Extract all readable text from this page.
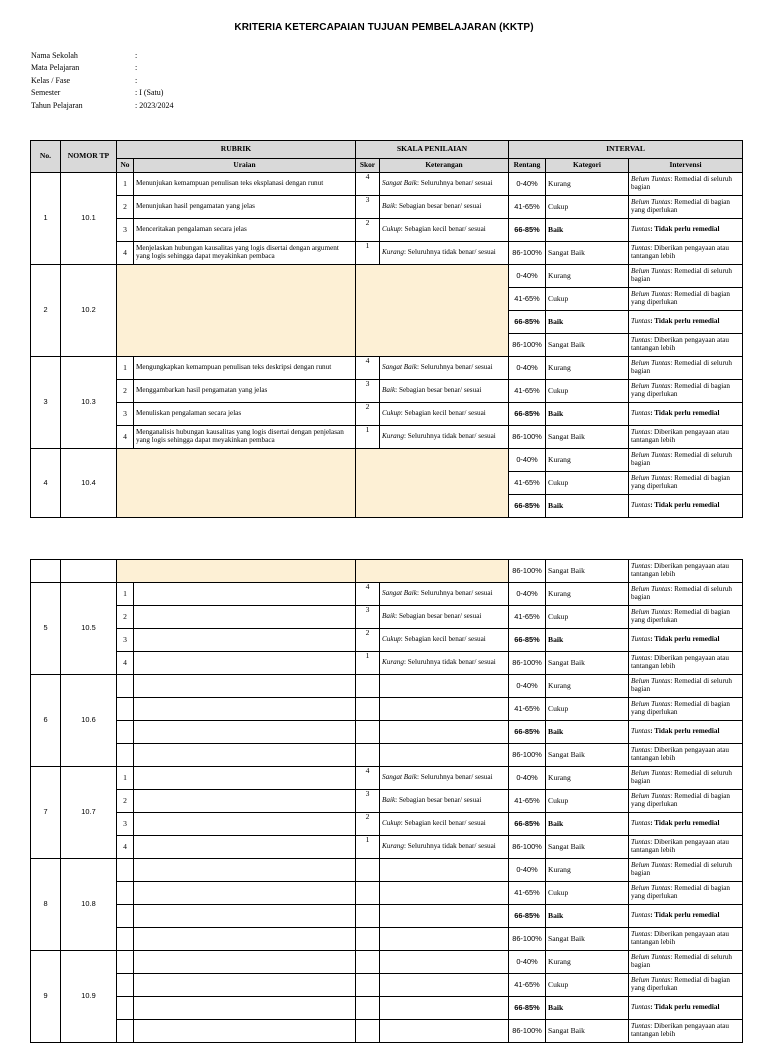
KRITERIA KETERCAPAIAN TUJUAN PEMBELAJARAN (KKTP)
Nama Sekolah	:
Mata Pelajaran	:
Kelas / Fase	:
Semester	: I (Satu)
Tahun Pelajaran	: 2023/2024
No.	NOMOR TP	RUBRIK		SKALA PENILAIAN		INTERVAL		
		No	Uraian	Skor	Keterangan	Rentang	Kategori	Intervensi
1	10.1	1	Menunjukan kemampuan penulisan teks eksplanasi dengan runut	4	Sangat Baik: Seluruhnya benar/ sesuai	0-40%	Kurang	Belum Tuntas: Remedial di seluruh bagian
		2	Menunjukan hasil pengamatan yang jelas	3	Baik: Sebagian besar benar/ sesuai	41-65%	Cukup	Belum Tuntas: Remedial di bagian yang diperlukan
		3	Menceritakan pengalaman secara jelas	2	Cukup: Sebagian kecil benar/ sesuai	66-85%	Baik	Tuntas: Tidak perlu remedial
		4	Menjelaskan hubungan kausalitas yang logis disertai dengan argument yang logis sehingga dapat meyakinkan pembaca	1	Kurang: Seluruhnya tidak benar/ sesuai	86-100%	Sangat Baik	Tuntas: Diberikan pengayaan atau tantangan lebih
2	10.2					0-40%	Kurang	Belum Tuntas: Remedial di seluruh bagian
						41-65%	Cukup	Belum Tuntas: Remedial di bagian yang diperlukan
						66-85%	Baik	Tuntas: Tidak perlu remedial
						86-100%	Sangat Baik	Tuntas: Diberikan pengayaan atau tantangan lebih
3	10.3	1	Mengungkapkan kemampuan penulisan teks deskripsi dengan runut	4	Sangat Baik: Seluruhnya benar/ sesuai	0-40%	Kurang	Belum Tuntas: Remedial di seluruh bagian
		2	Menggambarkan hasil pengamatan yang jelas	3	Baik: Sebagian besar benar/ sesuai	41-65%	Cukup	Belum Tuntas: Remedial di bagian yang diperlukan
		3	Menuliskan pengalaman secara jelas	2	Cukup: Sebagian kecil benar/ sesuai	66-85%	Baik	Tuntas: Tidak perlu remedial
		4	Menganalisis hubungan kausalitas yang logis disertai dengan penjelasan yang logis sehingga dapat meyakinkan pembaca	1	Kurang: Seluruhnya tidak benar/ sesuai	86-100%	Sangat Baik	Tuntas: Diberikan pengayaan atau tantangan lebih
4	10.4					0-40%	Kurang	Belum Tuntas: Remedial di seluruh bagian
						41-65%	Cukup	Belum Tuntas: Remedial di bagian yang diperlukan
						66-85%	Baik	Tuntas: Tidak perlu remedial
						86-100%	Sangat Baik	Tuntas: Diberikan pengayaan atau tantangan lebih
5	10.5	1		4	Sangat Baik: Seluruhnya benar/ sesuai	0-40%	Kurang	Belum Tuntas: Remedial di seluruh bagian
		2		3	Baik: Sebagian besar benar/ sesuai	41-65%	Cukup	Belum Tuntas: Remedial di bagian yang diperlukan
		3		2	Cukup: Sebagian kecil benar/ sesuai	66-85%	Baik	Tuntas: Tidak perlu remedial
		4		1	Kurang: Seluruhnya tidak benar/ sesuai	86-100%	Sangat Baik	Tuntas: Diberikan pengayaan atau tantangan lebih
6	10.6					0-40%	Kurang	Belum Tuntas: Remedial di seluruh bagian
						41-65%	Cukup	Belum Tuntas: Remedial di bagian yang diperlukan
						66-85%	Baik	Tuntas: Tidak perlu remedial
						86-100%	Sangat Baik	Tuntas: Diberikan pengayaan atau tantangan lebih
7	10.7	1		4	Sangat Baik: Seluruhnya benar/ sesuai	0-40%	Kurang	Belum Tuntas: Remedial di seluruh bagian
		2		3	Baik: Sebagian besar benar/ sesuai	41-65%	Cukup	Belum Tuntas: Remedial di bagian yang diperlukan
		3		2	Cukup: Sebagian kecil benar/ sesuai	66-85%	Baik	Tuntas: Tidak perlu remedial
		4		1	Kurang: Seluruhnya tidak benar/ sesuai	86-100%	Sangat Baik	Tuntas: Diberikan pengayaan atau tantangan lebih
8	10.8					0-40%	Kurang	Belum Tuntas: Remedial di seluruh bagian
						41-65%	Cukup	Belum Tuntas: Remedial di bagian yang diperlukan
						66-85%	Baik	Tuntas: Tidak perlu remedial
						86-100%	Sangat Baik	Tuntas: Diberikan pengayaan atau tantangan lebih
9	10.9					0-40%	Kurang	Belum Tuntas: Remedial di seluruh bagian
						41-65%	Cukup	Belum Tuntas: Remedial di bagian yang diperlukan
						66-85%	Baik	Tuntas: Tidak perlu remedial
						86-100%	Sangat Baik	Tuntas: Diberikan pengayaan atau tantangan lebih
